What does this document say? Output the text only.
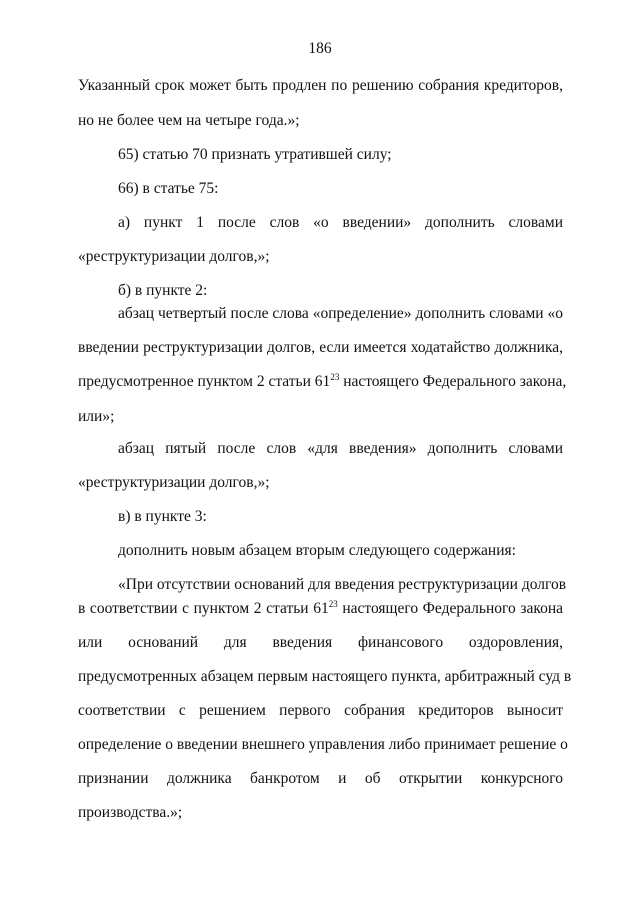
186
Указанный срок может быть продлен по решению собрания кредиторов,
но не более чем на четыре года.»;
65) статью 70 признать утратившей силу;
66) в статье 75:
а) пункт 1 после слов «о введении» дополнить словами
«реструктуризации долгов,»;
б) в пункте 2:
абзац четвертый после слова «определение» дополнить словами «о
введении реструктуризации долгов, если имеется ходатайство должника,
предусмотренное пунктом 2 статьи $61^{23}$ настоящего Федерального закона,
или»;
абзац пятый после слов «для введения» дополнить словами
«реструктуризации долгов,»;
в) в пункте 3:
дополнить новым абзацем вторым следующего содержания:
«При отсутствии оснований для введения реструктуризации долгов
в соответствии с пунктом 2 статьи $61^{23}$ настоящего Федерального закона
или оснований для введения финансового оздоровления,
предусмотренных абзацем первым настоящего пункта, арбитражный суд в
соответствии с решением первого собрания кредиторов выносит
определение о введении внешнего управления либо принимает решение о
признании должника банкротом и об открытии конкурсного
производства.»;
